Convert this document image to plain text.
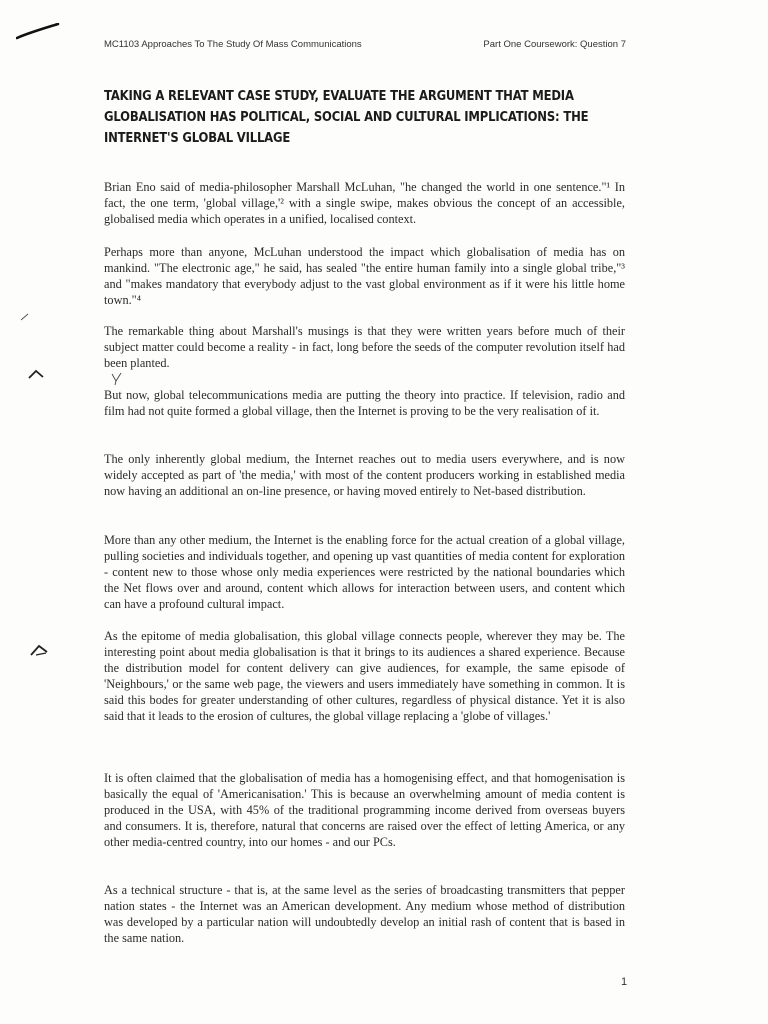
MC1103 Approaches To The Study Of Mass Communications	Part One Coursework: Question 7
TAKING A RELEVANT CASE STUDY, EVALUATE THE ARGUMENT THAT MEDIA
GLOBALISATION HAS POLITICAL, SOCIAL AND CULTURAL IMPLICATIONS: THE
INTERNET'S GLOBAL VILLAGE

Brian Eno said of media-philosopher Marshall McLuhan, "he changed the world in one sentence."¹ In fact, the one term, 'global village,'² with a single swipe, makes obvious the concept of an accessible, globalised media which operates in a unified, localised context.

Perhaps more than anyone, McLuhan understood the impact which globalisation of media has on mankind. "The electronic age," he said, has sealed "the entire human family into a single global tribe,"³ and "makes mandatory that everybody adjust to the vast global environment as if it were his little home town."⁴

The remarkable thing about Marshall's musings is that they were written years before much of their subject matter could become a reality - in fact, long before the seeds of the computer revolution itself had been planted.

But now, global telecommunications media are putting the theory into practice. If television, radio and film had not quite formed a global village, then the Internet is proving to be the very realisation of it.

The only inherently global medium, the Internet reaches out to media users everywhere, and is now widely accepted as part of 'the media,' with most of the content producers working in established media now having an additional an on-line presence, or having moved entirely to Net-based distribution.

More than any other medium, the Internet is the enabling force for the actual creation of a global village, pulling societies and individuals together, and opening up vast quantities of media content for exploration - content new to those whose only media experiences were restricted by the national boundaries which the Net flows over and around, content which allows for interaction between users, and content which can have a profound cultural impact.

As the epitome of media globalisation, this global village connects people, wherever they may be. The interesting point about media globalisation is that it brings to its audiences a shared experience. Because the distribution model for content delivery can give audiences, for example, the same episode of 'Neighbours,' or the same web page, the viewers and users immediately have something in common. It is said this bodes for greater understanding of other cultures, regardless of physical distance. Yet it is also said that it leads to the erosion of cultures, the global village replacing a 'globe of villages.'

It is often claimed that the globalisation of media has a homogenising effect, and that homogenisation is basically the equal of 'Americanisation.' This is because an overwhelming amount of media content is produced in the USA, with 45% of the traditional programming income derived from overseas buyers and consumers. It is, therefore, natural that concerns are raised over the effect of letting America, or any other media-centred country, into our homes - and our PCs.

As a technical structure - that is, at the same level as the series of broadcasting transmitters that pepper nation states - the Internet was an American development. Any medium whose method of distribution was developed by a particular nation will undoubtedly develop an initial rash of content that is based in the same nation.

1
